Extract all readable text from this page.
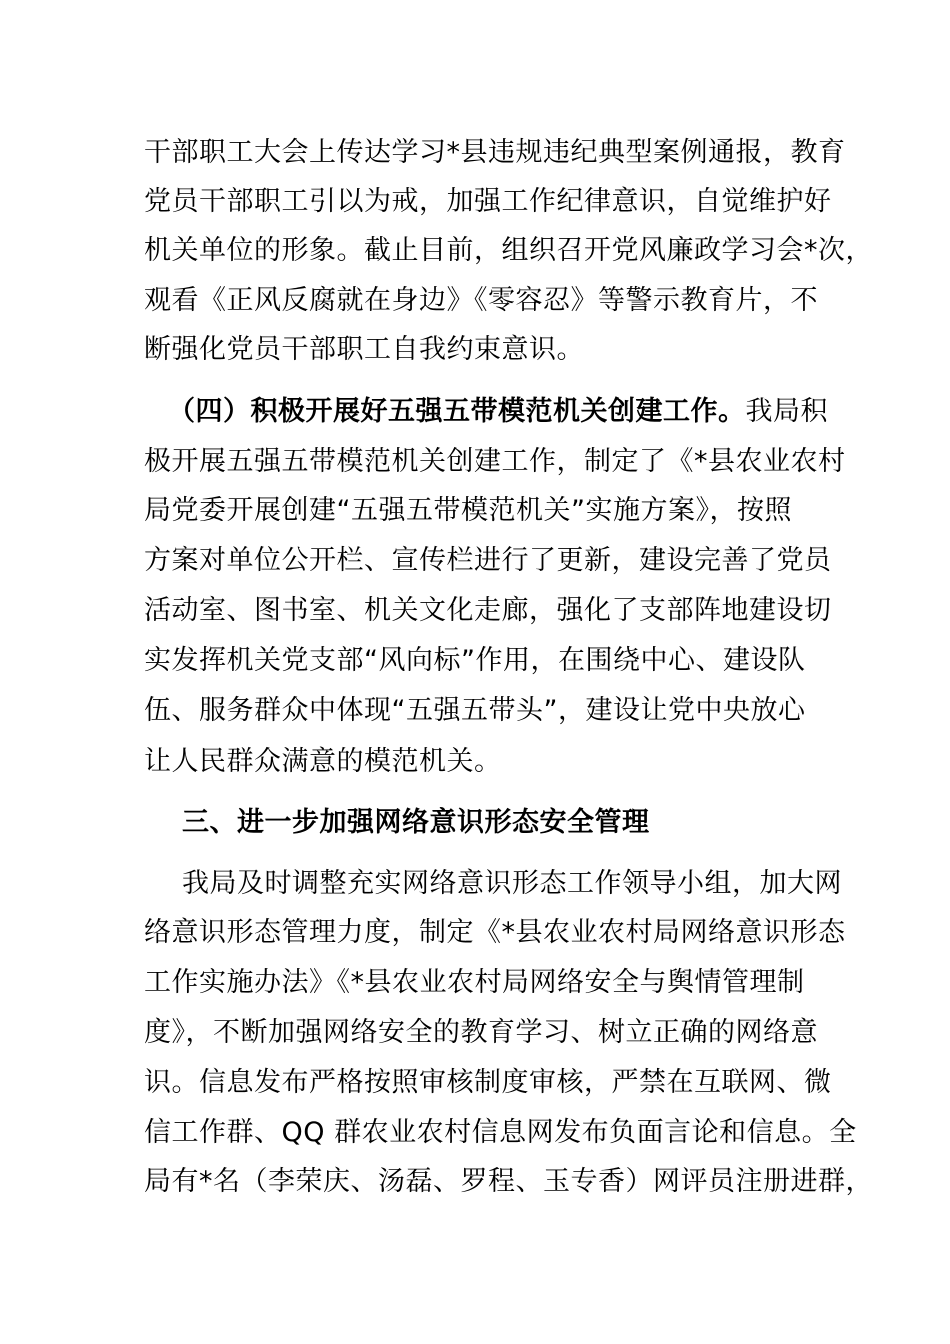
干部职工大会上传达学习*县违规违纪典型案例通报，教育
党员干部职工引以为戒，加强工作纪律意识，自觉维护好
机关单位的形象。截止目前，组织召开党风廉政学习会*次，
观看《正风反腐就在身边》《零容忍》等警示教育片，不
断强化党员干部职工自我约束意识。
（四）积极开展好五强五带模范机关创建工作。我局积
极开展五强五带模范机关创建工作，制定了《*县农业农村
局党委开展创建“五强五带模范机关”实施方案》，按照
方案对单位公开栏、宣传栏进行了更新，建设完善了党员
活动室、图书室、机关文化走廊，强化了支部阵地建设切
实发挥机关党支部“风向标”作用，在围绕中心、建设队
伍、服务群众中体现“五强五带头”，建设让党中央放心
让人民群众满意的模范机关。
三、进一步加强网络意识形态安全管理
我局及时调整充实网络意识形态工作领导小组，加大网
络意识形态管理力度，制定《*县农业农村局网络意识形态
工作实施办法》《*县农业农村局网络安全与舆情管理制
度》，不断加强网络安全的教育学习、树立正确的网络意
识。信息发布严格按照审核制度审核，严禁在互联网、微
信工作群、QQ 群农业农村信息网发布负面言论和信息。全
局有*名（李荣庆、汤磊、罗程、玉专香）网评员注册进群，
